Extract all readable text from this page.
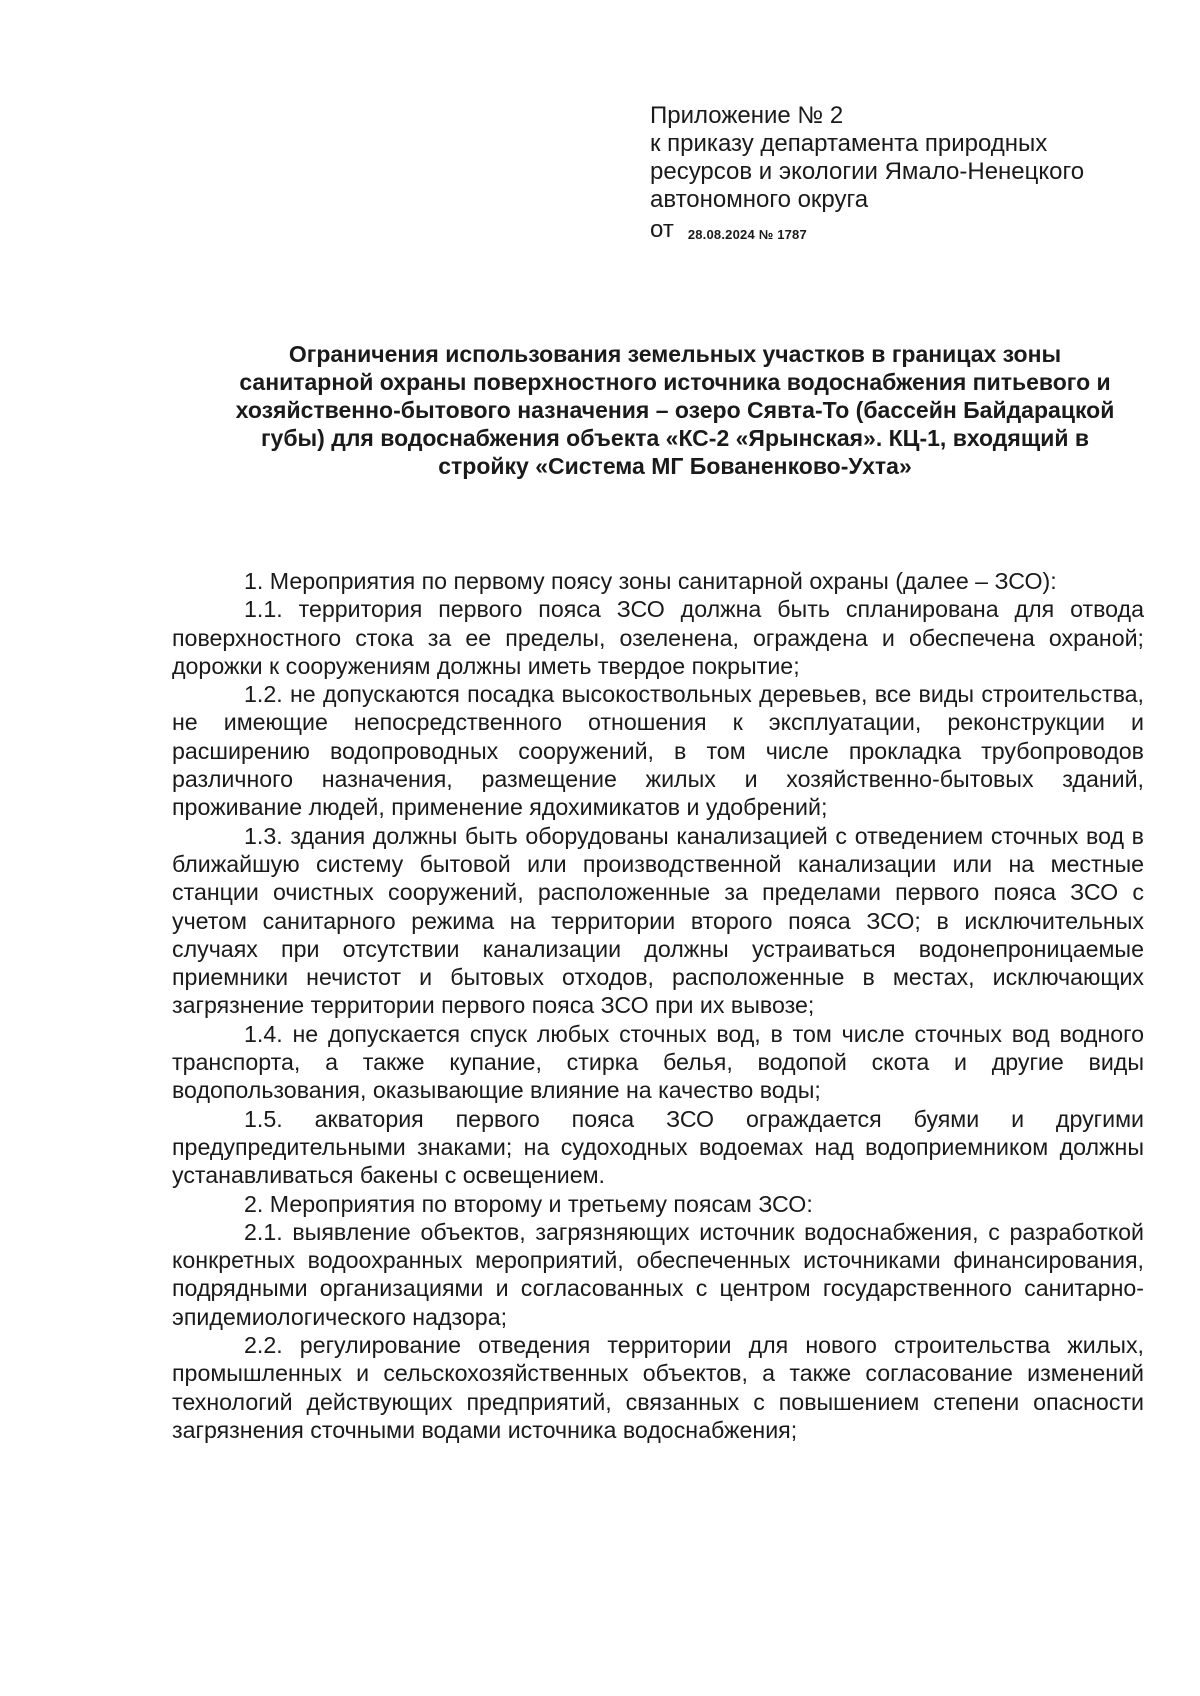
Приложение № 2
к приказу департамента природных
ресурсов и экологии Ямало-Ненецкого
автономного округа
от 28.08.2024 № 1787
Ограничения использования земельных участков в границах зоны
санитарной охраны поверхностного источника водоснабжения питьевого и
хозяйственно-бытового назначения – озеро Сявта-То (бассейн Байдарацкой
губы) для водоснабжения объекта «КС-2 «Ярынская». КЦ-1, входящий в
стройку «Система МГ Бованенково-Ухта»

1. Мероприятия по первому поясу зоны санитарной охраны (далее – ЗСО):

1.1. территория первого пояса ЗСО должна быть спланирована для отвода поверхностного стока за ее пределы, озеленена, ограждена и обеспечена охраной; дорожки к сооружениям должны иметь твердое покрытие;

1.2. не допускаются посадка высокоствольных деревьев, все виды строительства, не имеющие непосредственного отношения к эксплуатации, реконструкции и расширению водопроводных сооружений, в том числе прокладка трубопроводов различного назначения, размещение жилых и хозяйственно-бытовых зданий, проживание людей, применение ядохимикатов и удобрений;

1.3. здания должны быть оборудованы канализацией с отведением сточных вод в ближайшую систему бытовой или производственной канализации или на местные станции очистных сооружений, расположенные за пределами первого пояса ЗСО с учетом санитарного режима на территории второго пояса ЗСО; в исключительных случаях при отсутствии канализации должны устраиваться водонепроницаемые приемники нечистот и бытовых отходов, расположенные в местах, исключающих загрязнение территории первого пояса ЗСО при их вывозе;

1.4. не допускается спуск любых сточных вод, в том числе сточных вод водного транспорта, а также купание, стирка белья, водопой скота и другие виды водопользования, оказывающие влияние на качество воды;

1.5. акватория первого пояса ЗСО ограждается буями и другими предупредительными знаками; на судоходных водоемах над водоприемником должны устанавливаться бакены с освещением.

2. Мероприятия по второму и третьему поясам ЗСО:

2.1. выявление объектов, загрязняющих источник водоснабжения, с разработкой конкретных водоохранных мероприятий, обеспеченных источниками финансирования, подрядными организациями и согласованных с центром государственного санитарно-эпидемиологического надзора;

2.2. регулирование отведения территории для нового строительства жилых, промышленных и сельскохозяйственных объектов, а также согласование изменений технологий действующих предприятий, связанных с повышением степени опасности загрязнения сточными водами источника водоснабжения;
